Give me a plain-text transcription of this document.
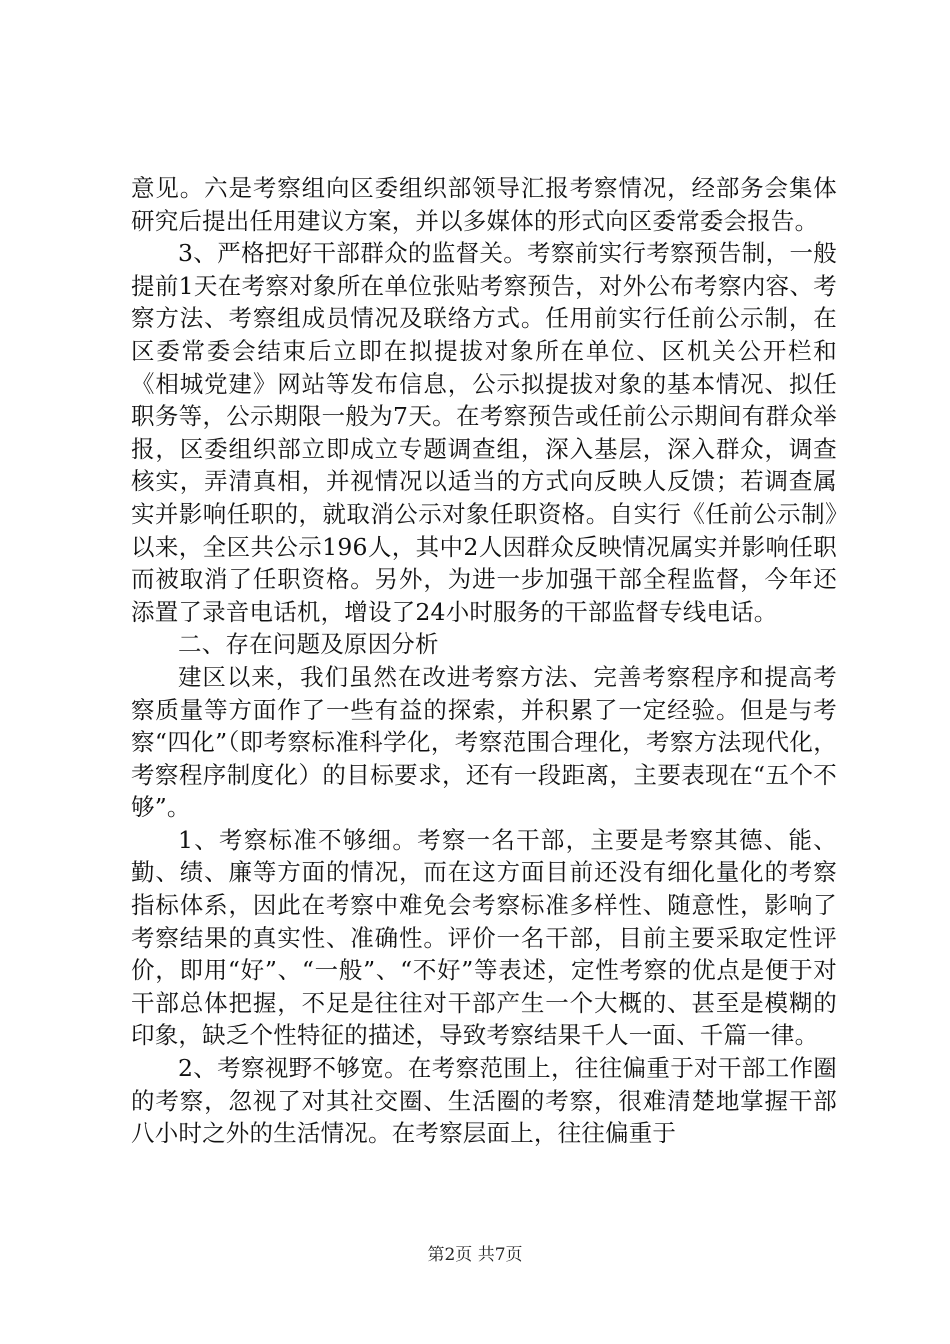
意见。六是考察组向区委组织部领导汇报考察情况，经部务会集体研究后提出任用建议方案，并以多媒体的形式向区委常委会报告。

3、严格把好干部群众的监督关。考察前实行考察预告制，一般提前1天在考察对象所在单位张贴考察预告，对外公布考察内容、考察方法、考察组成员情况及联络方式。任用前实行任前公示制，在区委常委会结束后立即在拟提拔对象所在单位、区机关公开栏和《相城党建》网站等发布信息，公示拟提拔对象的基本情况、拟任职务等，公示期限一般为7天。在考察预告或任前公示期间有群众举报，区委组织部立即成立专题调查组，深入基层，深入群众，调查核实，弄清真相，并视情况以适当的方式向反映人反馈；若调查属实并影响任职的，就取消公示对象任职资格。自实行《任前公示制》以来，全区共公示196人，其中2人因群众反映情况属实并影响任职而被取消了任职资格。另外，为进一步加强干部全程监督，今年还添置了录音电话机，增设了24小时服务的干部监督专线电话。

二、存在问题及原因分析

建区以来，我们虽然在改进考察方法、完善考察程序和提高考察质量等方面作了一些有益的探索，并积累了一定经验。但是与考察“四化”（即考察标准科学化，考察范围合理化，考察方法现代化，考察程序制度化）的目标要求，还有一段距离，主要表现在“五个不够”。

1、考察标准不够细。考察一名干部，主要是考察其德、能、勤、绩、廉等方面的情况，而在这方面目前还没有细化量化的考察指标体系，因此在考察中难免会考察标准多样性、随意性，影响了考察结果的真实性、准确性。评价一名干部，目前主要采取定性评价，即用“好”、“一般”、“不好”等表述，定性考察的优点是便于对干部总体把握，不足是往往对干部产生一个大概的、甚至是模糊的印象，缺乏个性特征的描述，导致考察结果千人一面、千篇一律。

2、考察视野不够宽。在考察范围上，往往偏重于对干部工作圈的考察，忽视了对其社交圈、生活圈的考察，很难清楚地掌握干部八小时之外的生活情况。在考察层面上，往往偏重于

第2页 共7页
